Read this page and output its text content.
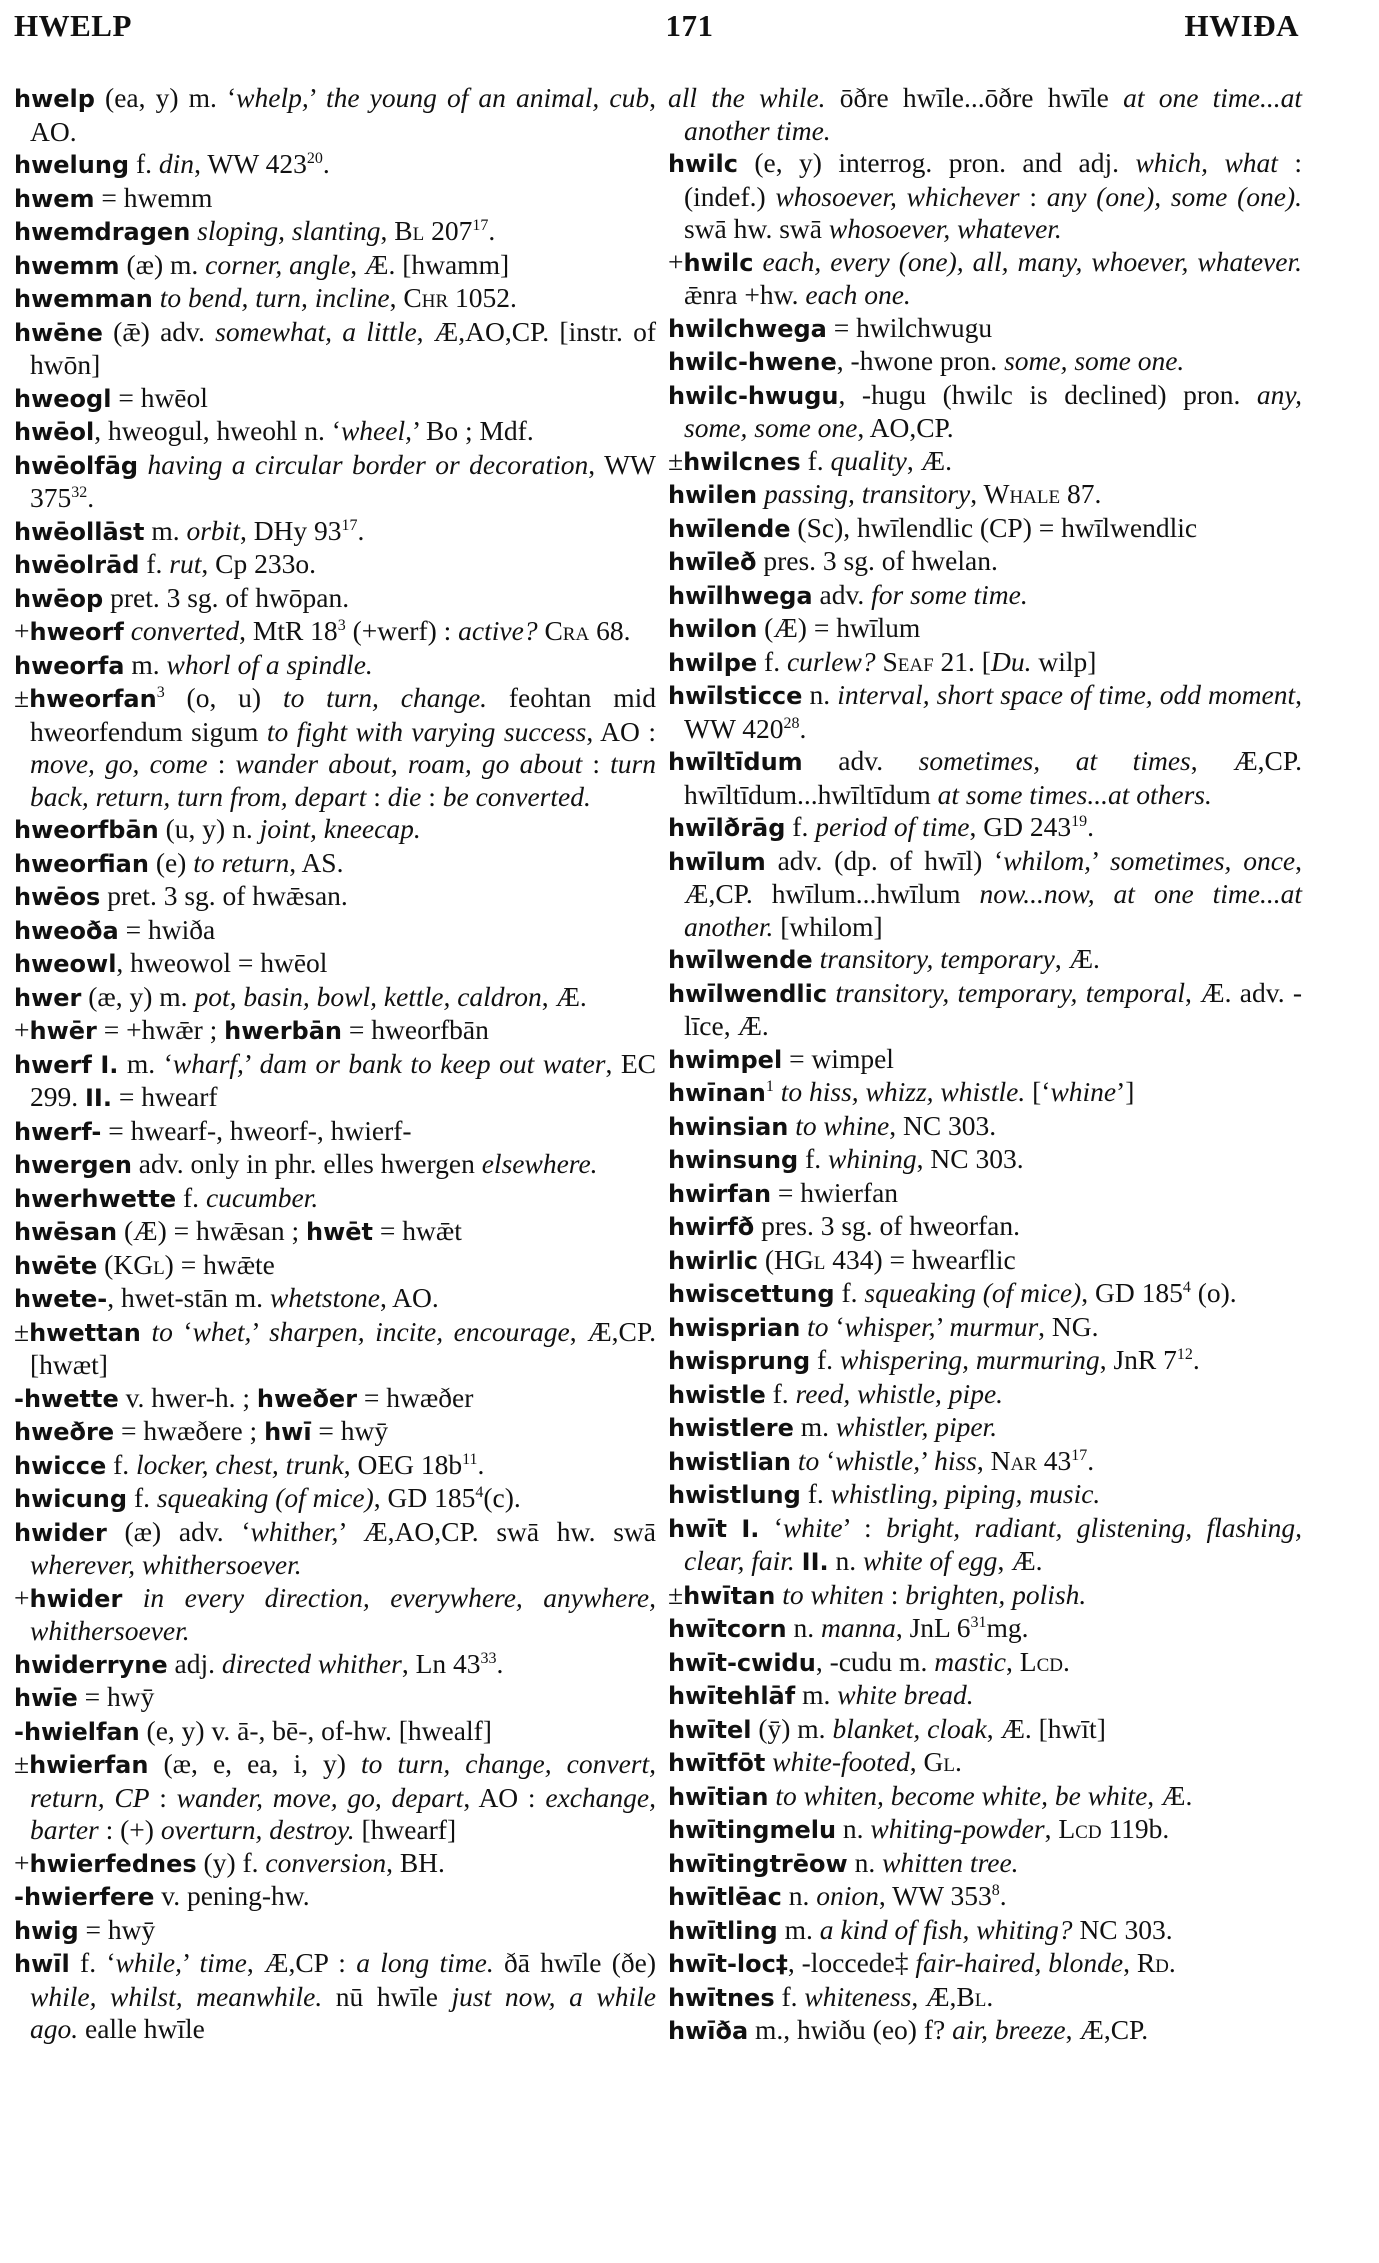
HWELP	171	HWIÐA
hwelp (ea, y) m. ‘whelp,’ the young of an animal, cub, AO.
hwelung f. din, WW $423^{20}$.
hwem = hwemm
hwemdragen sloping, slanting, Bl $207^{17}$.
hwemm (æ) m. corner, angle, Æ. [hwamm]
hwemman to bend, turn, incline, Chr 1052.
hwēne (ǣ) adv. somewhat, a little, Æ,AO,CP. [instr. of hwōn]
hweogl = hwēol
hwēol, hweogul, hweohl n. ‘wheel,’ Bo ; Mdf.
hwēolfāg having a circular border or decoration, WW $375^{32}$.
hwēollāst m. orbit, DHy $93^{17}$.
hwēolrād f. rut, Cp 233o.
hwēop pret. 3 sg. of hwōpan.
+hweorf converted, MtR $18^3$ (+werf) : active? Cra 68.
hweorfa m. whorl of a spindle.
±hweorfan$^3$ (o, u) to turn, change. feohtan mid hweorfendum sigum to fight with varying success, AO : move, go, come : wander about, roam, go about : turn back, return, turn from, depart : die : be converted.
hweorfbān (u, y) n. joint, kneecap.
hweorfian (e) to return, AS.
hwēos pret. 3 sg. of hwǣsan.
hweoða = hwiða
hweowl, hweowol = hwēol
hwer (æ, y) m. pot, basin, bowl, kettle, caldron, Æ.
+hwēr = +hwǣr ; hwerbān = hweorfbān
hwerf I. m. ‘wharf,’ dam or bank to keep out water, EC 299. II. = hwearf
hwerf- = hwearf-, hweorf-, hwierf-
hwergen adv. only in phr. elles hwergen elsewhere.
hwerhwette f. cucumber.
hwēsan (Æ) = hwǣsan ; hwēt = hwǣt
hwēte (KGl) = hwǣte
hwete-, hwet-stān m. whetstone, AO.
±hwettan to ‘whet,’ sharpen, incite, encourage, Æ,CP. [hwæt]
-hwette v. hwer-h. ; hweðer = hwæðer
hweðre = hwæðere ; hwī = hwȳ
hwicce f. locker, chest, trunk, OEG $18b^{11}$.
hwicung f. squeaking (of mice), GD $185^4(c)$.
hwider (æ) adv. ‘whither,’ Æ,AO,CP. swā hw. swā wherever, whithersoever.
+hwider in every direction, everywhere, anywhere, whithersoever.
hwiderryne adj. directed whither, Ln $43^{33}$.
hwīe = hwȳ
-hwielfan (e, y) v. ā-, bē-, of-hw. [hwealf]
±hwierfan (æ, e, ea, i, y) to turn, change, convert, return, CP : wander, move, go, depart, AO : exchange, barter : (+) overturn, destroy. [hwearf]
+hwierfednes (y) f. conversion, BH.
-hwierfere v. pening-hw.
hwig = hwȳ
hwīl f. ‘while,’ time, Æ,CP : a long time. ðā hwīle (ðe) while, whilst, meanwhile. nū hwīle just now, a while ago. ealle hwīle
all the while. ōðre hwīle...ōðre hwīle at one time...at another time.
hwilc (e, y) interrog. pron. and adj. which, what : (indef.) whosoever, whichever : any (one), some (one). swā hw. swā whosoever, whatever.
+hwilc each, every (one), all, many, whoever, whatever. ǣnra +hw. each one.
hwilchwega = hwilchwugu
hwilc-hwene, -hwone pron. some, some one.
hwilc-hwugu, -hugu (hwilc is declined) pron. any, some, some one, AO,CP.
±hwilcnes f. quality, Æ.
hwilen passing, transitory, Whale 87.
hwīlende (Sc), hwīlendlic (CP) = hwīlwendlic
hwīleð pres. 3 sg. of hwelan.
hwīlhwega adv. for some time.
hwilon (Æ) = hwīlum
hwilpe f. curlew? Seaf 21. [Du. wilp]
hwīlsticce n. interval, short space of time, odd moment, WW $420^{28}$.
hwīltīdum adv. sometimes, at times, Æ,CP. hwīltīdum...hwīltīdum at some times...at others.
hwīlðrāg f. period of time, GD $243^{19}$.
hwīlum adv. (dp. of hwīl) ‘whilom,’ sometimes, once, Æ,CP. hwīlum...hwīlum now...now, at one time...at another. [whilom]
hwīlwende transitory, temporary, Æ.
hwīlwendlic transitory, temporary, temporal, Æ. adv. -līce, Æ.
hwimpel = wimpel
hwīnan$^1$ to hiss, whizz, whistle. [‘whine’]
hwinsian to whine, NC 303.
hwinsung f. whining, NC 303.
hwirfan = hwierfan
hwirfð pres. 3 sg. of hweorfan.
hwirlic (HGl 434) = hwearflic
hwiscettung f. squeaking (of mice), GD $185^4$ (o).
hwisprian to ‘whisper,’ murmur, NG.
hwisprung f. whispering, murmuring, JnR $7^{12}$.
hwistle f. reed, whistle, pipe.
hwistlere m. whistler, piper.
hwistlian to ‘whistle,’ hiss, Nar $43^{17}$.
hwistlung f. whistling, piping, music.
hwīt I. ‘white’ : bright, radiant, glistening, flashing, clear, fair. II. n. white of egg, Æ.
±hwītan to whiten : brighten, polish.
hwītcorn n. manna, JnL $6^{31}mg$.
hwīt-cwidu, -cudu m. mastic, Lcd.
hwītehlāf m. white bread.
hwītel (ȳ) m. blanket, cloak, Æ. [hwīt]
hwītfōt white-footed, Gl.
hwītian to whiten, become white, be white, Æ.
hwītingmelu n. whiting-powder, Lcd 119b.
hwītingtrēow n. whitten tree.
hwītlēac n. onion, WW $353^8$.
hwītling m. a kind of fish, whiting? NC 303.
hwīt-loc‡, -loccede‡ fair-haired, blonde, Rd.
hwītnes f. whiteness, Æ,Bl.
hwīða m., hwiðu (eo) f? air, breeze, Æ,CP.
